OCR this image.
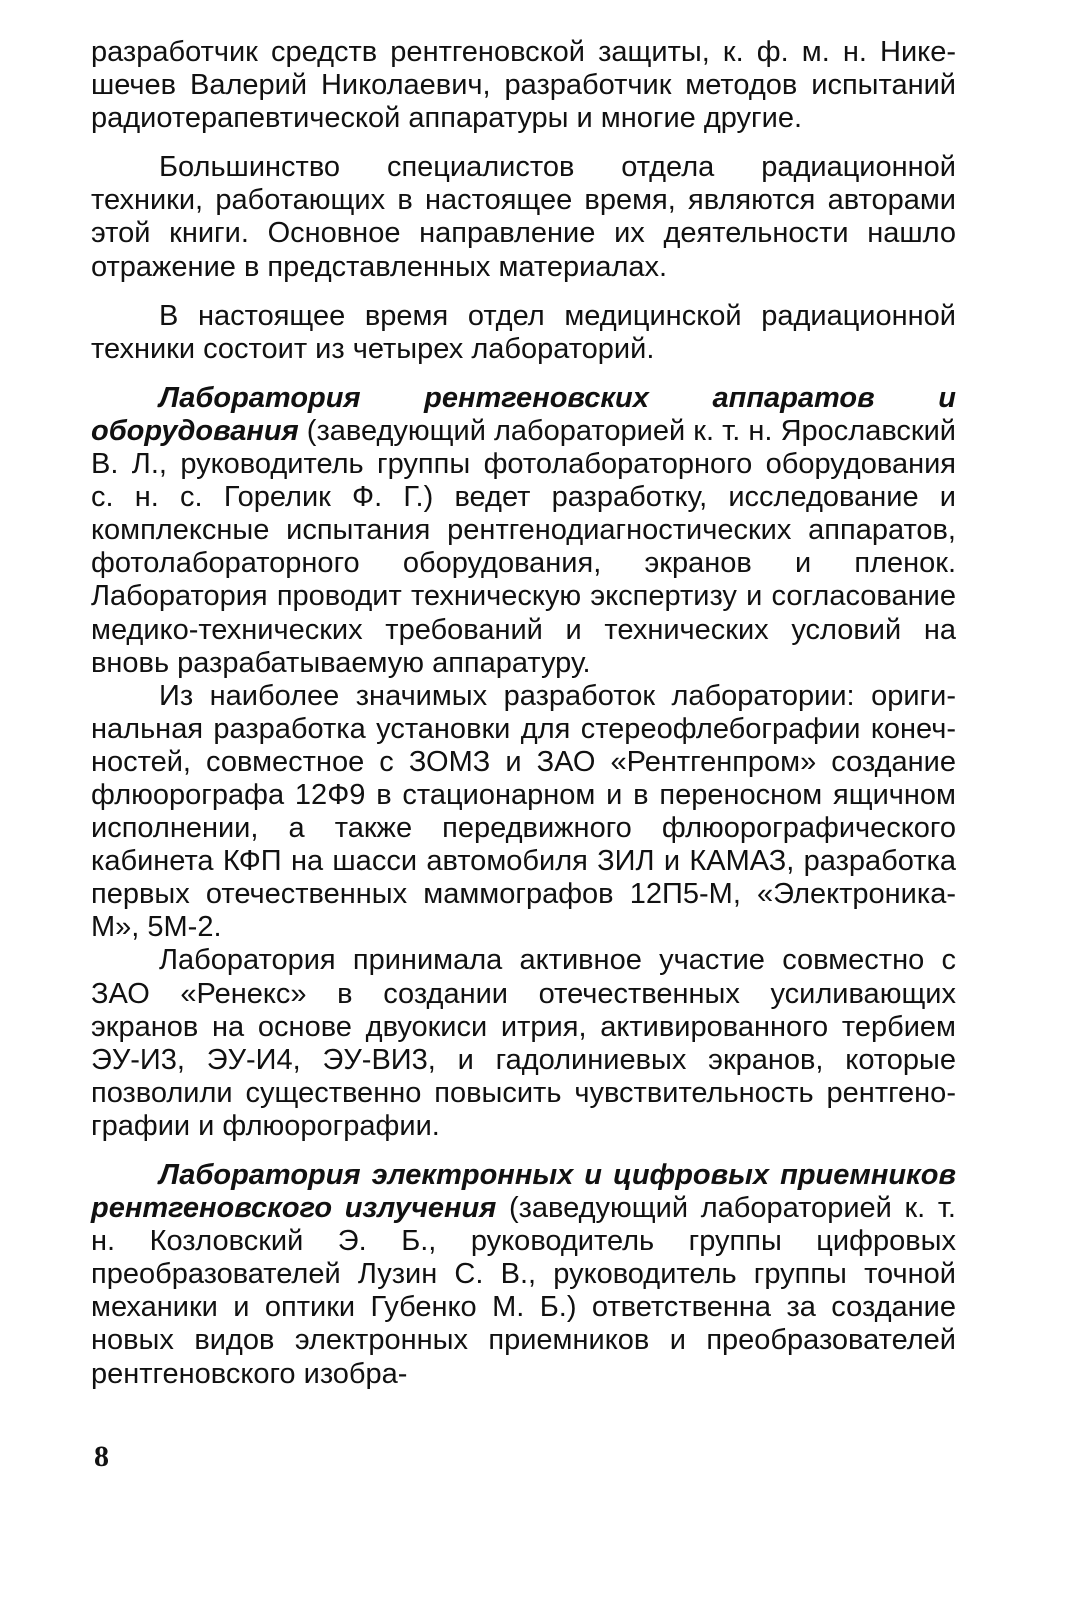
разработчик средств рентгеновской защиты, к. ф. м. н. Никешечев Валерий Николаевич, разработчик методов испытаний радиотерапевтической аппаратуры и многие другие.

Большинство специалистов отдела радиационной техники, работающих в настоящее время, являются авторами этой книги. Основное направление их деятельности нашло отражение в представленных материалах.

В настоящее время отдел медицинской радиационной техники состоит из четырех лабораторий.

Лаборатория рентгеновских аппаратов и оборудования (заведующий лабораторией к. т. н. Ярославский В. Л., руководитель группы фотолабораторного оборудования с. н. с. Горелик Ф. Г.) ведет разработку, исследование и комплексные испытания рентгенодиагностических аппаратов, фотолабораторного оборудования, экранов и пленок. Лаборатория проводит техническую экспертизу и согласование медико-технических требований и технических условий на вновь разрабатываемую аппаратуру.

Из наиболее значимых разработок лаборатории: оригинальная разработка установки для стереофлебографии конечностей, совместное с ЗОМЗ и ЗАО «Рентгенпром» создание флюорографа 12Ф9 в стационарном и в переносном ящичном исполнении, а также передвижного флюорографического кабинета КФП на шасси автомобиля ЗИЛ и КАМАЗ, разработка первых отечественных маммографов 12П5-М, «Электроника-М», 5М-2.

Лаборатория принимала активное участие совместно с ЗАО «Ренекс» в создании отечественных усиливающих экранов на основе двуокиси итрия, активированного тербием ЭУ-И3, ЭУ-И4, ЭУ-ВИ3, и гадолиниевых экранов, которые позволили существенно повысить чувствительность рентгенографии и флюорографии.

Лаборатория электронных и цифровых приемников рентгеновского излучения (заведующий лабораторией к. т. н. Козловский Э. Б., руководитель группы цифровых преобразователей Лузин С. В., руководитель группы точной механики и оптики Губенко М. Б.) ответственна за создание новых видов электронных приемников и преобразователей рентгеновского изобра-

8
